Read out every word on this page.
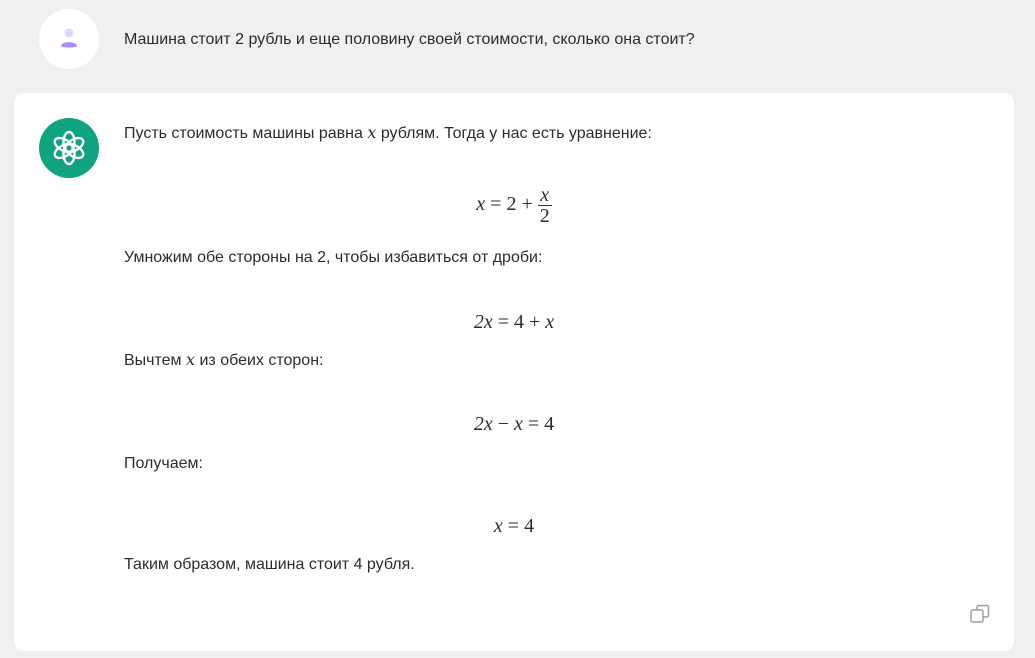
Машина стоит 2 рубль и еще половину своей стоимости, сколько она стоит?
Пусть стоимость машины равна x рублям. Тогда у нас есть уравнение:
$x = 2 + \frac{x}{2}$
Умножим обе стороны на 2, чтобы избавиться от дроби:
2x = 4 + x
Вычтем x из обеих сторон:
2x − x = 4
Получаем:
x = 4
Таким образом, машина стоит 4 рубля.
